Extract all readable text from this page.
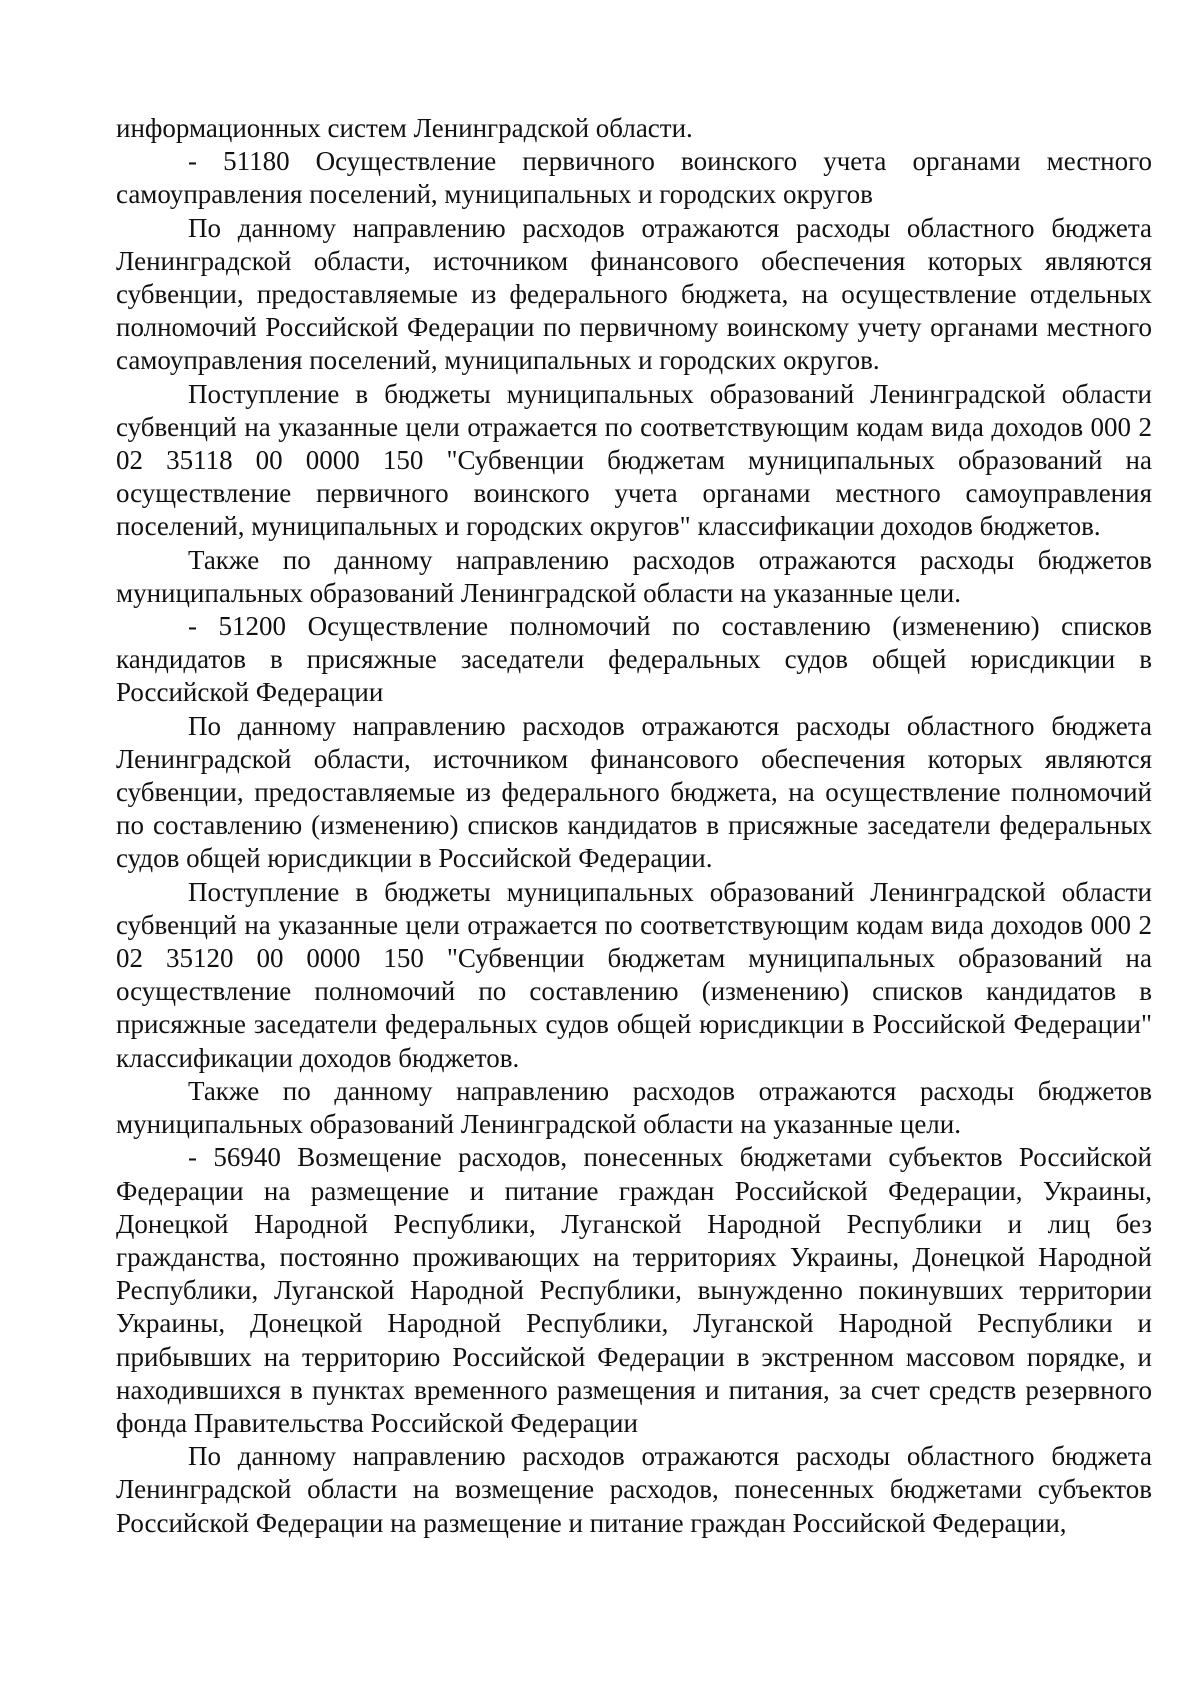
информационных систем Ленинградской области.

- 51180 Осуществление первичного воинского учета органами местного самоуправления поселений, муниципальных и городских округов

По данному направлению расходов отражаются расходы областного бюджета Ленинградской области, источником финансового обеспечения которых являются субвенции, предоставляемые из федерального бюджета, на осуществление отдельных полномочий Российской Федерации по первичному воинскому учету органами местного самоуправления поселений, муниципальных и городских округов.

Поступление в бюджеты муниципальных образований Ленинградской области субвенций на указанные цели отражается по соответствующим кодам вида доходов 000 2 02 35118 00 0000 150 "Субвенции бюджетам муниципальных образований на осуществление первичного воинского учета органами местного самоуправления поселений, муниципальных и городских округов" классификации доходов бюджетов.

Также по данному направлению расходов отражаются расходы бюджетов муниципальных образований Ленинградской области на указанные цели.

- 51200 Осуществление полномочий по составлению (изменению) списков кандидатов в присяжные заседатели федеральных судов общей юрисдикции в Российской Федерации

По данному направлению расходов отражаются расходы областного бюджета Ленинградской области, источником финансового обеспечения которых являются субвенции, предоставляемые из федерального бюджета, на осуществление полномочий по составлению (изменению) списков кандидатов в присяжные заседатели федеральных судов общей юрисдикции в Российской Федерации.

Поступление в бюджеты муниципальных образований Ленинградской области субвенций на указанные цели отражается по соответствующим кодам вида доходов 000 2 02 35120 00 0000 150 "Субвенции бюджетам муниципальных образований на осуществление полномочий по составлению (изменению) списков кандидатов в присяжные заседатели федеральных судов общей юрисдикции в Российской Федерации" классификации доходов бюджетов.

Также по данному направлению расходов отражаются расходы бюджетов муниципальных образований Ленинградской области на указанные цели.

- 56940 Возмещение расходов, понесенных бюджетами субъектов Российской Федерации на размещение и питание граждан Российской Федерации, Украины, Донецкой Народной Республики, Луганской Народной Республики и лиц без гражданства, постоянно проживающих на территориях Украины, Донецкой Народной Республики, Луганской Народной Республики, вынужденно покинувших территории Украины, Донецкой Народной Республики, Луганской Народной Республики и прибывших на территорию Российской Федерации в экстренном массовом порядке, и находившихся в пунктах временного размещения и питания, за счет средств резервного фонда Правительства Российской Федерации

По данному направлению расходов отражаются расходы областного бюджета Ленинградской области на возмещение расходов, понесенных бюджетами субъектов Российской Федерации на размещение и питание граждан Российской Федерации,
